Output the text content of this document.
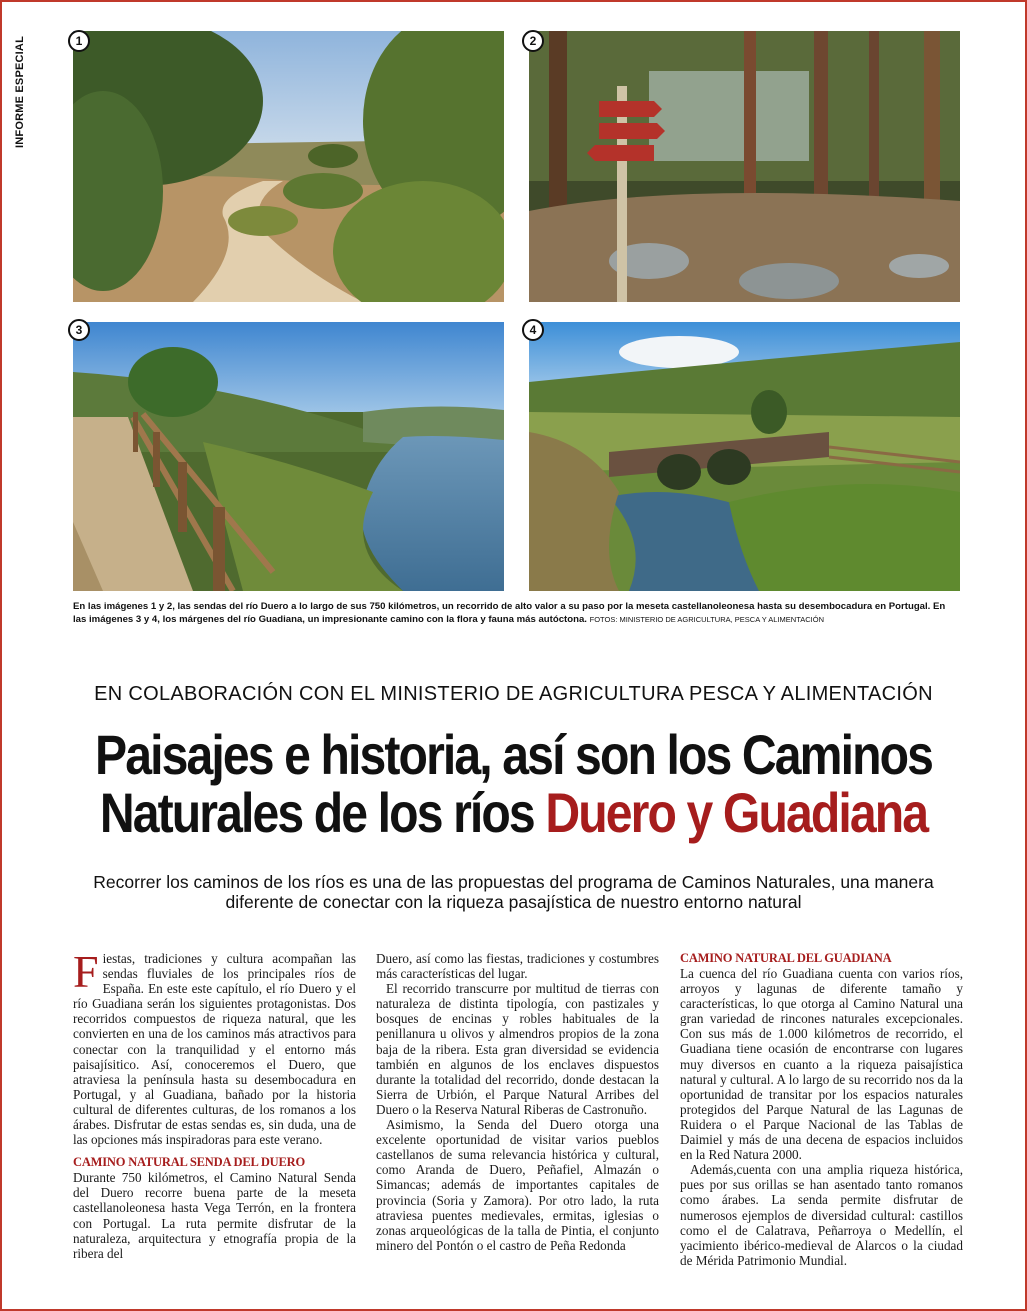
INFORME ESPECIAL	1	2
3	4
En las imágenes 1 y 2, las sendas del río Duero a lo largo de sus 750 kilómetros, un recorrido de alto valor a su paso por la meseta castellanoleonesa hasta su desembocadura en Portugal. En las imágenes 3 y 4, los márgenes del río Guadiana, un impresionante camino con la flora y fauna más autóctona. FOTOS: MINISTERIO DE AGRICULTURA, PESCA Y ALIMENTACIÓN
EN COLABORACIÓN CON EL MINISTERIO DE AGRICULTURA PESCA Y ALIMENTACIÓN
Paisajes e historia, así son los Caminos
Naturales de los ríos Duero y Guadiana
Recorrer los caminos de los ríos es una de las propuestas del programa de Caminos Naturales, una manera diferente de conectar con la riqueza pasajística de nuestro entorno natural

Fiestas, tradiciones y cultura acompañan las sendas fluviales de los principales ríos de España. En este este capítulo, el río Duero y el río Guadiana serán los siguientes protagonistas. Dos recorridos compuestos de riqueza natural, que les convierten en una de los caminos más atractivos para conectar con la tranquilidad y el entorno más paisajísitico. Así, conoceremos el Duero, que atraviesa la península hasta su desembocadura en Portugal, y al Guadiana, bañado por la historia cultural de diferentes culturas, de los romanos a los árabes. Disfrutar de estas sendas es, sin duda, una de las opciones más inspiradoras para este verano.

CAMINO NATURAL SENDA DEL DUERO

Durante 750 kilómetros, el Camino Natural Senda del Duero recorre buena parte de la meseta castellanoleonesa hasta Vega Terrón, en la frontera con Portugal. La ruta permite disfrutar de la naturaleza, arquitectura y etnografía propia de la ribera del

Duero, así como las fiestas, tradiciones y costumbres más características del lugar.

El recorrido transcurre por multitud de tierras con naturaleza de distinta tipología, con pastizales y bosques de encinas y robles habituales de la penillanura u olivos y almendros propios de la zona baja de la ribera. Esta gran diversidad se evidencia también en algunos de los enclaves dispuestos durante la totalidad del recorrido, donde destacan la Sierra de Urbión, el Parque Natural Arribes del Duero o la Reserva Natural Riberas de Castronuño.

Asimismo, la Senda del Duero otorga una excelente oportunidad de visitar varios pueblos castellanos de suma relevancia histórica y cultural, como Aranda de Duero, Peñafiel, Almazán o Simancas; además de importantes capitales de provincia (Soria y Zamora). Por otro lado, la ruta atraviesa puentes medievales, ermitas, iglesias o zonas arqueológicas de la talla de Pintia, el conjunto minero del Pontón o el castro de Peña Redonda

CAMINO NATURAL DEL GUADIANA

La cuenca del río Guadiana cuenta con varios ríos, arroyos y lagunas de diferente tamaño y características, lo que otorga al Camino Natural una gran variedad de rincones naturales excepcionales. Con sus más de 1.000 kilómetros de recorrido, el Guadiana tiene ocasión de encontrarse con lugares muy diversos en cuanto a la riqueza paisajística natural y cultural. A lo largo de su recorrido nos da la oportunidad de transitar por los espacios naturales protegidos del Parque Natural de las Lagunas de Ruidera o el Parque Nacional de las Tablas de Daimiel y más de una decena de espacios incluidos en la Red Natura 2000.

Además,cuenta con una amplia riqueza histórica, pues por sus orillas se han asentado tanto romanos como árabes. La senda permite disfrutar de numerosos ejemplos de diversidad cultural: castillos como el de Calatrava, Peñarroya o Medellín, el yacimiento ibérico-medieval de Alarcos o la ciudad de Mérida Patrimonio Mundial.
